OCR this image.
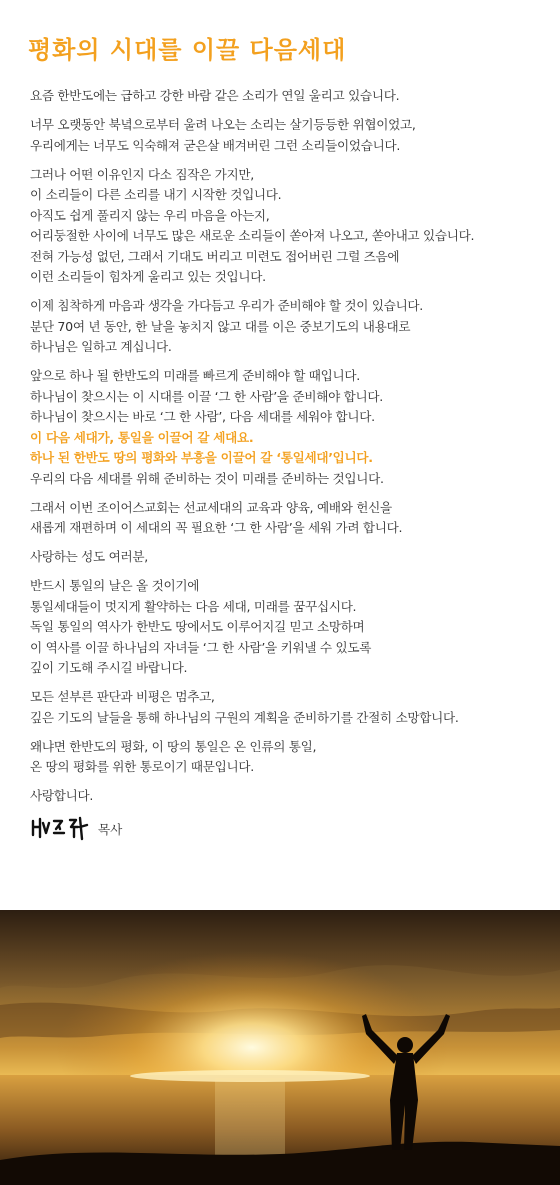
평화의 시대를 이끌 다음세대
요즘 한반도에는 급하고 강한 바람 같은 소리가 연일 울리고 있습니다.
너무 오랫동안 북녘으로부터 울려 나오는 소리는 살기등등한 위협이었고,
우리에게는 너무도 익숙해져 굳은살 배겨버린 그런 소리들이었습니다.
그러나 어떤 이유인지 다소 짐작은 가지만,
이 소리들이 다른 소리를 내기 시작한 것입니다.
아직도 쉽게 풀리지 않는 우리 마음을 아는지,
어리둥절한 사이에 너무도 많은 새로운 소리들이 쏟아져 나오고, 쏟아내고 있습니다.
전혀 가능성 없던, 그래서 기대도 버리고 미련도 접어버린 그럴 즈음에
이런 소리들이 힘차게 울리고 있는 것입니다.
이제 침착하게 마음과 생각을 가다듬고 우리가 준비해야 할 것이 있습니다.
분단 70여 년 동안, 한 날을 놓치지 않고 대를 이은 중보기도의 내용대로
하나님은 일하고 계십니다.
앞으로 하나 될 한반도의 미래를 빠르게 준비해야 할 때입니다.
하나님이 찾으시는 이 시대를 이끌 ‘그 한 사람’을 준비해야 합니다.
하나님이 찾으시는 바로 ‘그 한 사람’, 다음 세대를 세워야 합니다.
이 다음 세대가, 통일을 이끌어 갈 세대요.
하나 된 한반도 땅의 평화와 부흥을 이끌어 갈 ‘통일세대’입니다.
우리의 다음 세대를 위해 준비하는 것이 미래를 준비하는 것입니다.
그래서 이번 조이어스교회는 선교세대의 교육과 양육, 예배와 헌신을
새롭게 재편하며 이 세대의 꼭 필요한 ‘그 한 사람’을 세워 가려 합니다.
사랑하는 성도 여러분,
반드시 통일의 날은 올 것이기에
통일세대들이 멋지게 활약하는 다음 세대, 미래를 꿈꾸십시다.
독일 통일의 역사가 한반도 땅에서도 이루어지길 믿고 소망하며
이 역사를 이끌 하나님의 자녀들 ‘그 한 사람’을 키워낼 수 있도록
깊이 기도해 주시길 바랍니다.
모든 섣부른 판단과 비평은 멈추고,
깊은 기도의 날들을 통해 하나님의 구원의 계획을 준비하기를 간절히 소망합니다.
왜냐면 한반도의 평화, 이 땅의 통일은 온 인류의 통일,
온 땅의 평화를 위한 통로이기 때문입니다.
사랑합니다.
목사
